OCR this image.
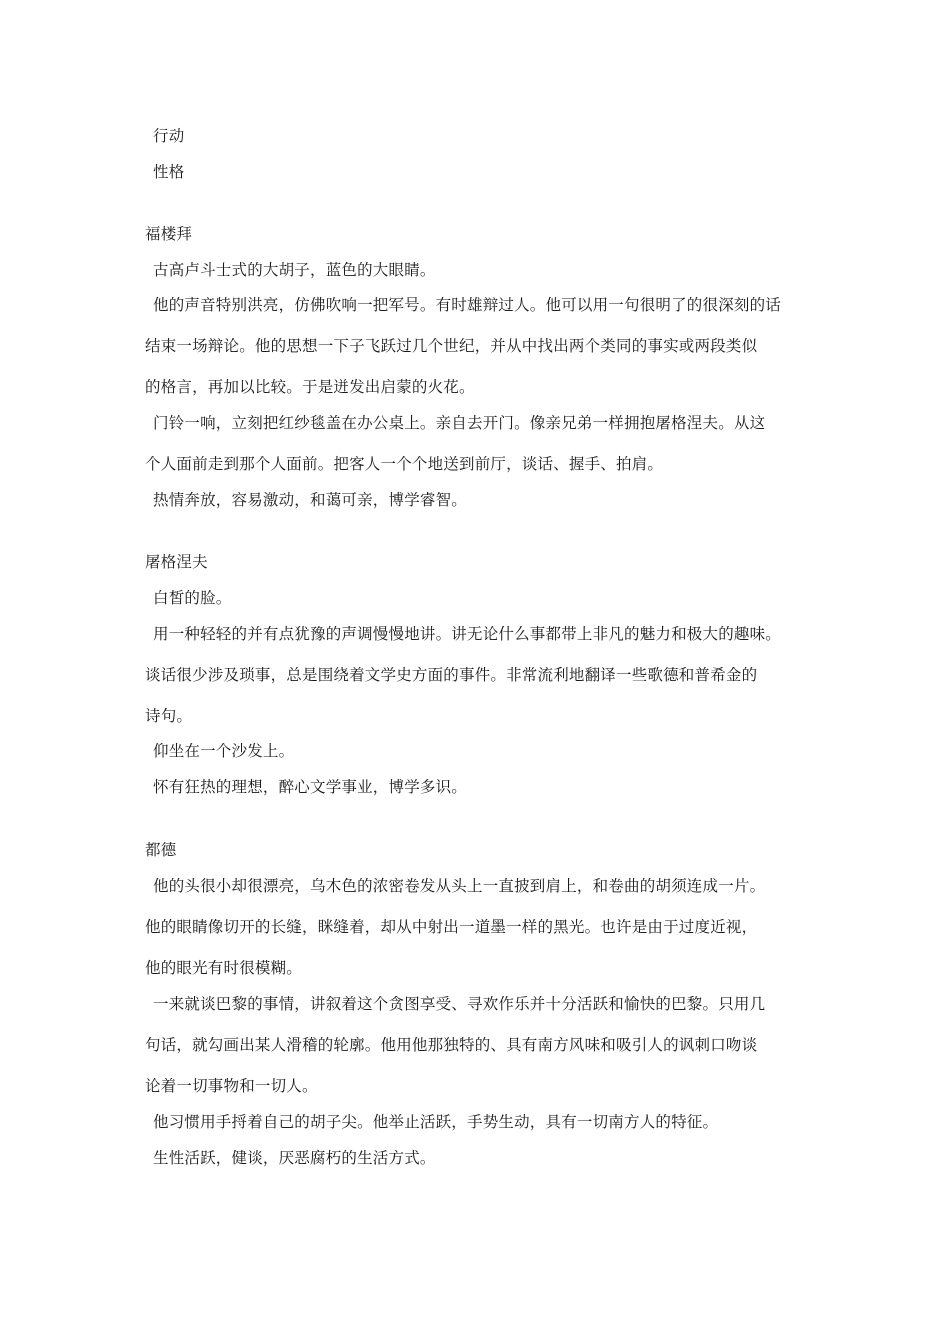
行动
性格
福楼拜
古高卢斗士式的大胡子，蓝色的大眼睛。
他的声音特别洪亮，仿佛吹响一把军号。有时雄辩过人。他可以用一句很明了的很深刻的话
结束一场辩论。他的思想一下子飞跃过几个世纪，并从中找出两个类同的事实或两段类似
的格言，再加以比较。于是迸发出启蒙的火花。
门铃一响，立刻把红纱毯盖在办公桌上。亲自去开门。像亲兄弟一样拥抱屠格涅夫。从这
个人面前走到那个人面前。把客人一个个地送到前厅，谈话、握手、拍肩。
热情奔放，容易激动，和蔼可亲，博学睿智。
屠格涅夫
白皙的脸。
用一种轻轻的并有点犹豫的声调慢慢地讲。讲无论什么事都带上非凡的魅力和极大的趣味。
谈话很少涉及琐事，总是围绕着文学史方面的事件。非常流利地翻译一些歌德和普希金的
诗句。
仰坐在一个沙发上。
怀有狂热的理想，醉心文学事业，博学多识。
都德
他的头很小却很漂亮，乌木色的浓密卷发从头上一直披到肩上，和卷曲的胡须连成一片。
他的眼睛像切开的长缝，眯缝着，却从中射出一道墨一样的黑光。也许是由于过度近视，
他的眼光有时很模糊。
一来就谈巴黎的事情，讲叙着这个贪图享受、寻欢作乐并十分活跃和愉快的巴黎。只用几
句话，就勾画出某人滑稽的轮廓。他用他那独特的、具有南方风味和吸引人的讽刺口吻谈
论着一切事物和一切人。
他习惯用手捋着自己的胡子尖。他举止活跃，手势生动，具有一切南方人的特征。
生性活跃，健谈，厌恶腐朽的生活方式。
